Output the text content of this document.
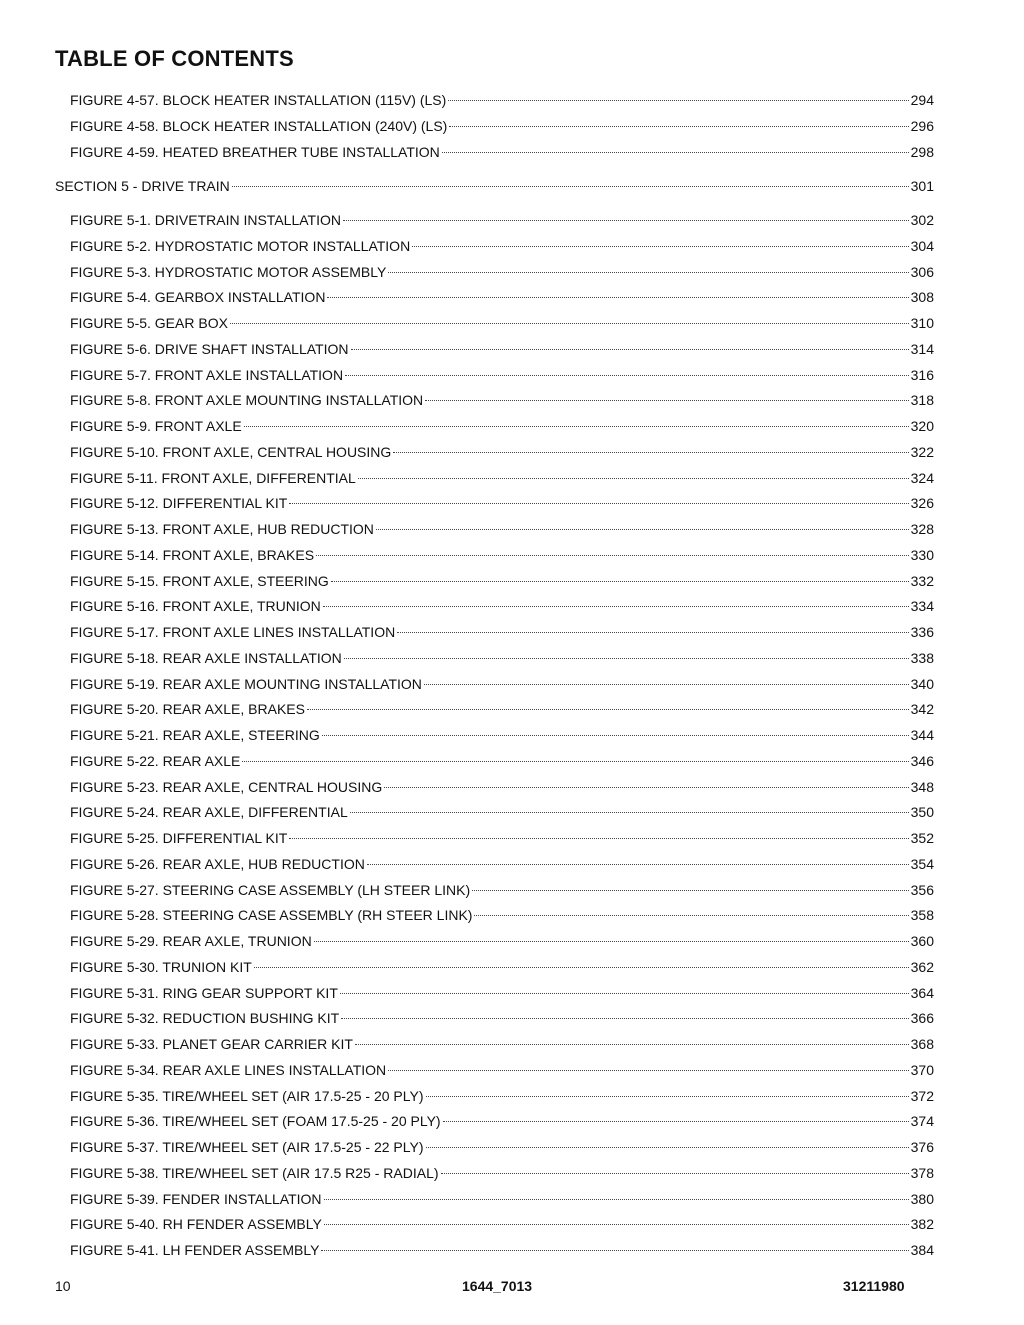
TABLE OF CONTENTS
FIGURE 4-57. BLOCK HEATER INSTALLATION (115V) (LS)	294
FIGURE 4-58. BLOCK HEATER INSTALLATION (240V) (LS)	296
FIGURE 4-59. HEATED BREATHER TUBE INSTALLATION	298
SECTION 5 - DRIVE TRAIN	301
FIGURE 5-1. DRIVETRAIN INSTALLATION	302
FIGURE 5-2. HYDROSTATIC MOTOR INSTALLATION	304
FIGURE 5-3. HYDROSTATIC MOTOR ASSEMBLY	306
FIGURE 5-4. GEARBOX INSTALLATION	308
FIGURE 5-5. GEAR BOX	310
FIGURE 5-6. DRIVE SHAFT INSTALLATION	314
FIGURE 5-7. FRONT AXLE INSTALLATION	316
FIGURE 5-8. FRONT AXLE MOUNTING INSTALLATION	318
FIGURE 5-9. FRONT AXLE	320
FIGURE 5-10. FRONT AXLE, CENTRAL HOUSING	322
FIGURE 5-11. FRONT AXLE, DIFFERENTIAL	324
FIGURE 5-12. DIFFERENTIAL KIT	326
FIGURE 5-13. FRONT AXLE, HUB REDUCTION	328
FIGURE 5-14. FRONT AXLE, BRAKES	330
FIGURE 5-15. FRONT AXLE, STEERING	332
FIGURE 5-16. FRONT AXLE, TRUNION	334
FIGURE 5-17. FRONT AXLE LINES INSTALLATION	336
FIGURE 5-18. REAR AXLE INSTALLATION	338
FIGURE 5-19. REAR AXLE MOUNTING INSTALLATION	340
FIGURE 5-20. REAR AXLE, BRAKES	342
FIGURE 5-21. REAR AXLE, STEERING	344
FIGURE 5-22. REAR AXLE	346
FIGURE 5-23. REAR AXLE, CENTRAL HOUSING	348
FIGURE 5-24. REAR AXLE, DIFFERENTIAL	350
FIGURE 5-25. DIFFERENTIAL KIT	352
FIGURE 5-26. REAR AXLE, HUB REDUCTION	354
FIGURE 5-27. STEERING CASE ASSEMBLY (LH STEER LINK)	356
FIGURE 5-28. STEERING CASE ASSEMBLY (RH STEER LINK)	358
FIGURE 5-29. REAR AXLE, TRUNION	360
FIGURE 5-30. TRUNION KIT	362
FIGURE 5-31. RING GEAR SUPPORT KIT	364
FIGURE 5-32. REDUCTION BUSHING KIT	366
FIGURE 5-33. PLANET GEAR CARRIER KIT	368
FIGURE 5-34. REAR AXLE LINES INSTALLATION	370
FIGURE 5-35. TIRE/WHEEL SET (AIR 17.5-25 - 20 PLY)	372
FIGURE 5-36. TIRE/WHEEL SET (FOAM 17.5-25 - 20 PLY)	374
FIGURE 5-37. TIRE/WHEEL SET (AIR 17.5-25 - 22 PLY)	376
FIGURE 5-38. TIRE/WHEEL SET (AIR 17.5 R25 - RADIAL)	378
FIGURE 5-39. FENDER INSTALLATION	380
FIGURE 5-40. RH FENDER ASSEMBLY	382
FIGURE 5-41. LH FENDER ASSEMBLY	384
10	1644_7013	31211980
